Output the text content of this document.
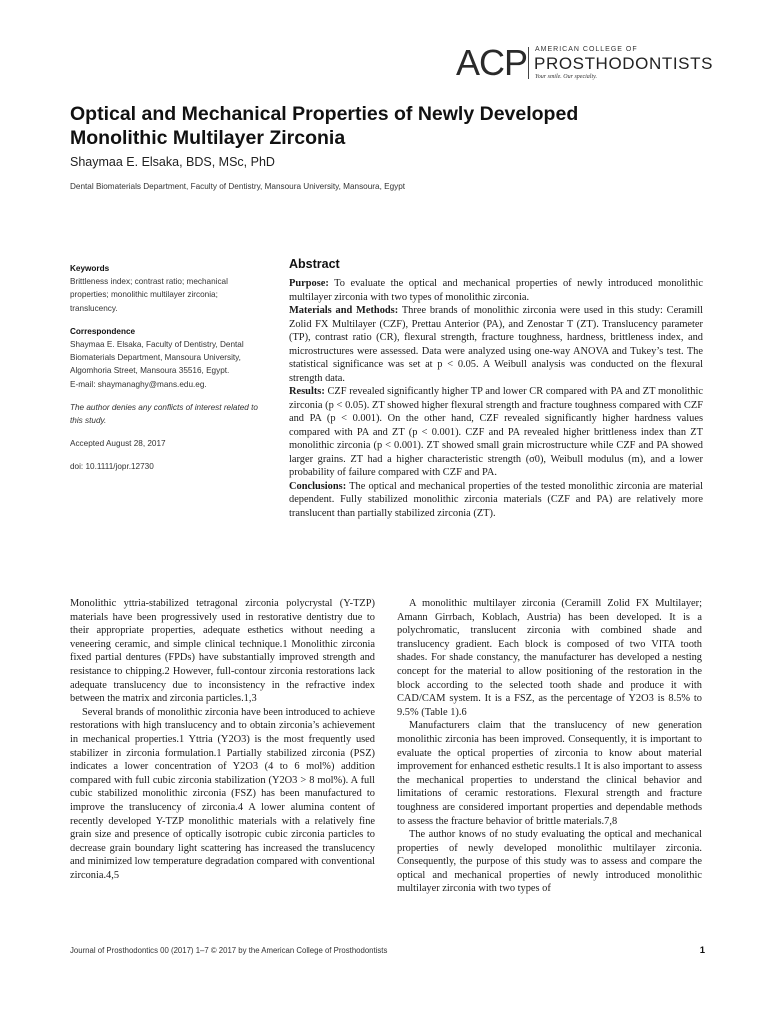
ACP AMERICAN COLLEGE OF
PROSTHODONTISTS
Your smile. Our specialty.
Optical and Mechanical Properties of Newly Developed Monolithic Multilayer Zirconia
Shaymaa E. Elsaka, BDS, MSc, PhD
Dental Biomaterials Department, Faculty of Dentistry, Mansoura University, Mansoura, Egypt

Keywords

Brittleness index; contrast ratio; mechanical properties; monolithic multilayer zirconia; translucency.

Correspondence

Shaymaa E. Elsaka, Faculty of Dentistry, Dental Biomaterials Department, Mansoura University, Algomhoria Street, Mansoura 35516, Egypt.

E-mail: shaymanaghy@mans.edu.eg.

The author denies any conflicts of interest related to this study.

Accepted August 28, 2017

doi: 10.1111/jopr.12730

Abstract

Purpose: To evaluate the optical and mechanical properties of newly introduced monolithic multilayer zirconia with two types of monolithic zirconia.

Materials and Methods: Three brands of monolithic zirconia were used in this study: Ceramill Zolid FX Multilayer (CZF), Prettau Anterior (PA), and Zenostar T (ZT). Translucency parameter (TP), contrast ratio (CR), flexural strength, fracture toughness, hardness, brittleness index, and microstructures were assessed. Data were analyzed using one-way ANOVA and Tukey’s test. The statistical significance was set at p < 0.05. A Weibull analysis was conducted on the flexural strength data.

Results: CZF revealed significantly higher TP and lower CR compared with PA and ZT monolithic zirconia (p < 0.05). ZT showed higher flexural strength and fracture toughness compared with CZF and PA (p < 0.001). On the other hand, CZF revealed significantly higher hardness values compared with PA and ZT (p < 0.001). CZF and PA revealed higher brittleness index than ZT monolithic zirconia (p < 0.001). ZT showed small grain microstructure while CZF and PA showed larger grains. ZT had a higher characteristic strength (σ0), Weibull modulus (m), and a lower probability of failure compared with CZF and PA.

Conclusions: The optical and mechanical properties of the tested monolithic zirconia are material dependent. Fully stabilized monolithic zirconia materials (CZF and PA) are relatively more translucent than partially stabilized zirconia (ZT).

Monolithic yttria-stabilized tetragonal zirconia polycrystal (Y-TZP) materials have been progressively used in restorative dentistry due to their appropriate properties, adequate esthetics without needing a veneering ceramic, and simple clinical technique.1 Monolithic zirconia fixed partial dentures (FPDs) have substantially improved strength and resistance to chipping.2 However, full-contour zirconia restorations lack adequate translucency due to inconsistency in the refractive index between the matrix and zirconia particles.1,3

Several brands of monolithic zirconia have been introduced to achieve restorations with high translucency and to obtain zirconia’s achievement in mechanical properties.1 Yttria (Y2O3) is the most frequently used stabilizer in zirconia formulation.1 Partially stabilized zirconia (PSZ) indicates a lower concentration of Y2O3 (4 to 6 mol%) addition compared with full cubic zirconia stabilization (Y2O3 > 8 mol%). A full cubic stabilized monolithic zirconia (FSZ) has been manufactured to improve the translucency of zirconia.4 A lower alumina content of recently developed Y-TZP monolithic materials with a relatively fine grain size and presence of optically isotropic cubic zirconia particles to decrease grain boundary light scattering has increased the translucency and minimized low temperature degradation compared with conventional zirconia.4,5

A monolithic multilayer zirconia (Ceramill Zolid FX Multilayer; Amann Girrbach, Koblach, Austria) has been developed. It is a polychromatic, translucent zirconia with combined shade and translucency gradient. Each block is composed of two VITA tooth shades. For shade constancy, the manufacturer has developed a nesting concept for the material to allow positioning of the restoration in the block according to the selected tooth shade and produce it with CAD/CAM system. It is a FSZ, as the percentage of Y2O3 is 8.5% to 9.5% (Table 1).6

Manufacturers claim that the translucency of new generation monolithic zirconia has been improved. Consequently, it is important to evaluate the optical properties of zirconia to know about material improvement for enhanced esthetic results.1 It is also important to assess the mechanical properties to understand the clinical behavior and limitations of ceramic restorations. Flexural strength and fracture toughness are considered important properties and dependable methods to assess the fracture behavior of brittle materials.7,8

The author knows of no study evaluating the optical and mechanical properties of newly developed monolithic multilayer zirconia. Consequently, the purpose of this study was to assess and compare the optical and mechanical properties of newly introduced monolithic multilayer zirconia with two types of

Journal of Prosthodontics 00 (2017) 1–7 © 2017 by the American College of Prosthodontists	1
